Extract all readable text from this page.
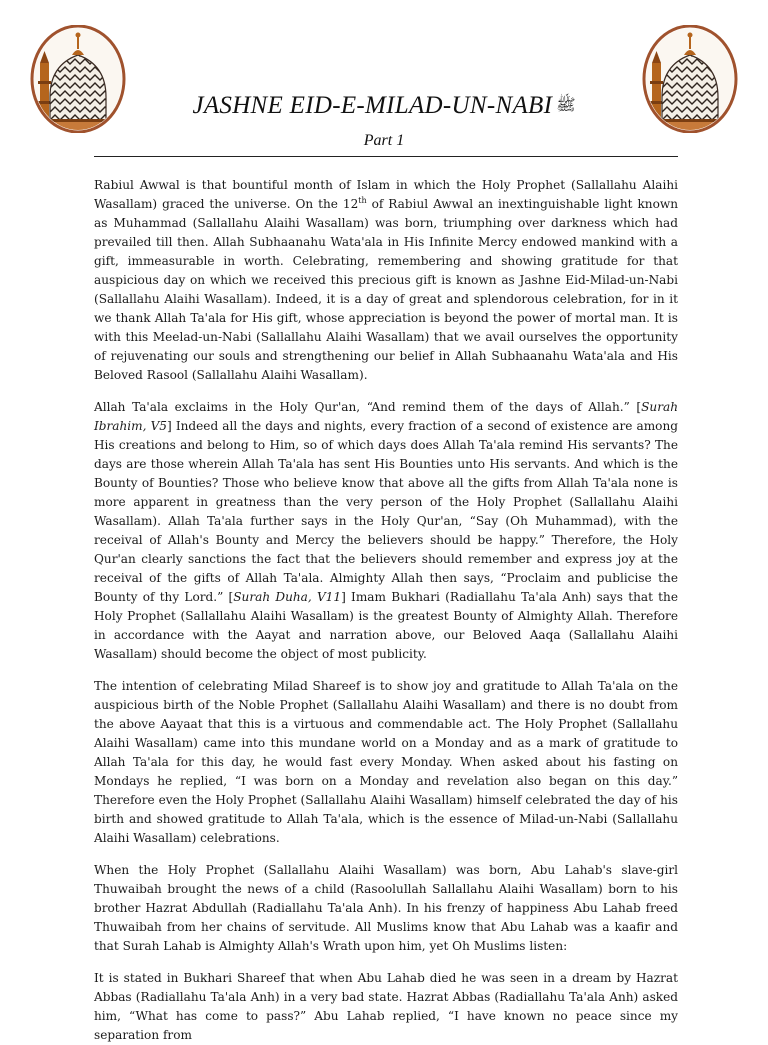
JASHNE EID-E-MILAD-UN-NABI ﷺ
Part 1

Rabiul Awwal is that bountiful month of Islam in which the Holy Prophet (Sallallahu Alaihi Wasallam) graced the universe. On the 12th of Rabiul Awwal an inextinguishable light known as Muhammad (Sallallahu Alaihi Wasallam) was born, triumphing over darkness which had prevailed till then. Allah Subhaanahu Wata'ala in His Infinite Mercy endowed mankind with a gift, immeasurable in worth. Celebrating, remembering and showing gratitude for that auspicious day on which we received this precious gift is known as Jashne Eid-Milad-un-Nabi (Sallallahu Alaihi Wasallam). Indeed, it is a day of great and splendorous celebration, for in it we thank Allah Ta'ala for His gift, whose appreciation is beyond the power of mortal man. It is with this Meelad-un-Nabi (Sallallahu Alaihi Wasallam) that we avail ourselves the opportunity of rejuvenating our souls and strengthening our belief in Allah Subhaanahu Wata'ala and His Beloved Rasool (Sallallahu Alaihi Wasallam).

Allah Ta'ala exclaims in the Holy Qur'an, “And remind them of the days of Allah.” [Surah Ibrahim, V5] Indeed all the days and nights, every fraction of a second of existence are among His creations and belong to Him, so of which days does Allah Ta'ala remind His servants? The days are those wherein Allah Ta'ala has sent His Bounties unto His servants. And which is the Bounty of Bounties? Those who believe know that above all the gifts from Allah Ta'ala none is more apparent in greatness than the very person of the Holy Prophet (Sallallahu Alaihi Wasallam). Allah Ta'ala further says in the Holy Qur'an, “Say (Oh Muhammad), with the receival of Allah's Bounty and Mercy the believers should be happy.” Therefore, the Holy Qur'an clearly sanctions the fact that the believers should remember and express joy at the receival of the gifts of Allah Ta'ala. Almighty Allah then says, “Proclaim and publicise the Bounty of thy Lord.” [Surah Duha, V11] Imam Bukhari (Radiallahu Ta'ala Anh) says that the Holy Prophet (Sallallahu Alaihi Wasallam) is the greatest Bounty of Almighty Allah. Therefore in accordance with the Aayat and narration above, our Beloved Aaqa (Sallallahu Alaihi Wasallam) should become the object of most publicity.

The intention of celebrating Milad Shareef is to show joy and gratitude to Allah Ta'ala on the auspicious birth of the Noble Prophet (Sallallahu Alaihi Wasallam) and there is no doubt from the above Aayaat that this is a virtuous and commendable act. The Holy Prophet (Sallallahu Alaihi Wasallam) came into this mundane world on a Monday and as a mark of gratitude to Allah Ta'ala for this day, he would fast every Monday. When asked about his fasting on Mondays he replied, “I was born on a Monday and revelation also began on this day.” Therefore even the Holy Prophet (Sallallahu Alaihi Wasallam) himself celebrated the day of his birth and showed gratitude to Allah Ta'ala, which is the essence of Milad-un-Nabi (Sallallahu Alaihi Wasallam) celebrations.

When the Holy Prophet (Sallallahu Alaihi Wasallam) was born, Abu Lahab's slave-girl Thuwaibah brought the news of a child (Rasoolullah Sallallahu Alaihi Wasallam) born to his brother Hazrat Abdullah (Radiallahu Ta'ala Anh). In his frenzy of happiness Abu Lahab freed Thuwaibah from her chains of servitude. All Muslims know that Abu Lahab was a kaafir and that Surah Lahab is Almighty Allah's Wrath upon him, yet Oh Muslims listen:

It is stated in Bukhari Shareef that when Abu Lahab died he was seen in a dream by Hazrat Abbas (Radiallahu Ta'ala Anh) in a very bad state. Hazrat Abbas (Radiallahu Ta'ala Anh) asked him, “What has come to pass?” Abu Lahab replied, “I have known no peace since my separation from
